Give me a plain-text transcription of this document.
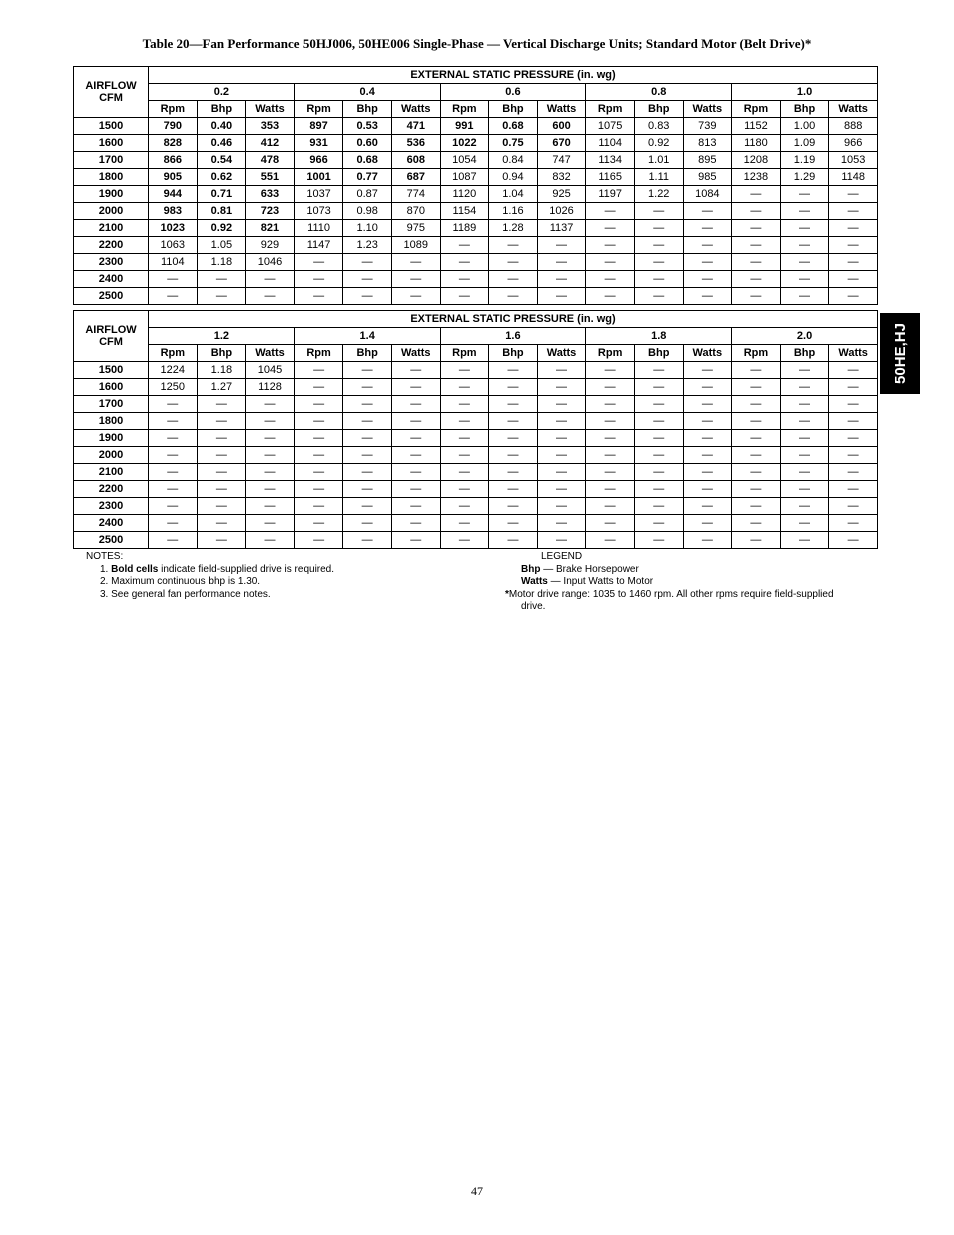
Table 20—Fan Performance 50HJ006, 50HE006 Single-Phase — Vertical Discharge Units; Standard Motor (Belt Drive)*
AIRFLOW
CFM	EXTERNAL STATIC PRESSURE (in. wg)														
	0.2			0.4			0.6			0.8			1.0		
	Rpm	Bhp	Watts	Rpm	Bhp	Watts	Rpm	Bhp	Watts	Rpm	Bhp	Watts	Rpm	Bhp	Watts
1500	790	0.40	353	897	0.53	471	991	0.68	600	1075	0.83	739	1152	1.00	888
1600	828	0.46	412	931	0.60	536	1022	0.75	670	1104	0.92	813	1180	1.09	966
1700	866	0.54	478	966	0.68	608	1054	0.84	747	1134	1.01	895	1208	1.19	1053
1800	905	0.62	551	1001	0.77	687	1087	0.94	832	1165	1.11	985	1238	1.29	1148
1900	944	0.71	633	1037	0.87	774	1120	1.04	925	1197	1.22	1084	—	—	—
2000	983	0.81	723	1073	0.98	870	1154	1.16	1026	—	—	—	—	—	—
2100	1023	0.92	821	1110	1.10	975	1189	1.28	1137	—	—	—	—	—	—
2200	1063	1.05	929	1147	1.23	1089	—	—	—	—	—	—	—	—	—
2300	1104	1.18	1046	—	—	—	—	—	—	—	—	—	—	—	—
2400	—	—	—	—	—	—	—	—	—	—	—	—	—	—	—
2500	—	—	—	—	—	—	—	—	—	—	—	—	—	—	—
AIRFLOW
CFM	EXTERNAL STATIC PRESSURE (in. wg)														
	1.2			1.4			1.6			1.8			2.0		
	Rpm	Bhp	Watts	Rpm	Bhp	Watts	Rpm	Bhp	Watts	Rpm	Bhp	Watts	Rpm	Bhp	Watts
1500	1224	1.18	1045	—	—	—	—	—	—	—	—	—	—	—	—
1600	1250	1.27	1128	—	—	—	—	—	—	—	—	—	—	—	—
1700	—	—	—	—	—	—	—	—	—	—	—	—	—	—	—
1800	—	—	—	—	—	—	—	—	—	—	—	—	—	—	—
1900	—	—	—	—	—	—	—	—	—	—	—	—	—	—	—
2000	—	—	—	—	—	—	—	—	—	—	—	—	—	—	—
2100	—	—	—	—	—	—	—	—	—	—	—	—	—	—	—
2200	—	—	—	—	—	—	—	—	—	—	—	—	—	—	—
2300	—	—	—	—	—	—	—	—	—	—	—	—	—	—	—
2400	—	—	—	—	—	—	—	—	—	—	—	—	—	—	—
2500	—	—	—	—	—	—	—	—	—	—	—	—	—	—	—
NOTES:
1. Bold cells indicate field-supplied drive is required.
2. Maximum continuous bhp is 1.30.
3. See general fan performance notes.
LEGEND
Bhp — Brake Horsepower
Watts — Input Watts to Motor
*Motor drive range: 1035 to 1460 rpm. All other rpms require field-supplied
drive.
50HE,HJ
47
